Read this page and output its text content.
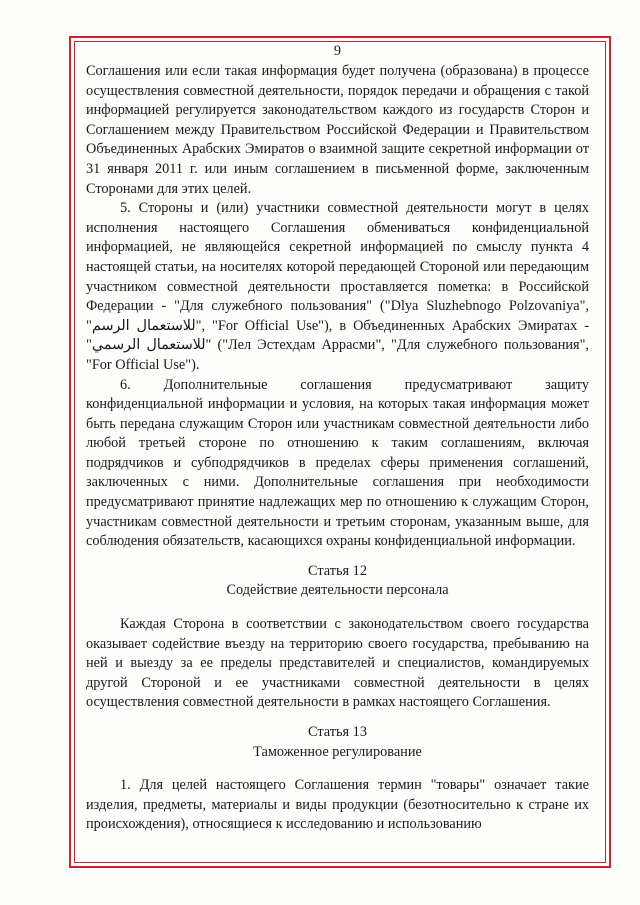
9

Соглашения или если такая информация будет получена (образована) в процессе осуществления совместной деятельности, порядок передачи и обращения с такой информацией регулируется законодательством каждого из государств Сторон и Соглашением между Правительством Российской Федерации и Правительством Объединенных Арабских Эмиратов о взаимной защите секретной информации от 31 января 2011 г. или иным соглашением в письменной форме, заключенным Сторонами для этих целей.

5. Стороны и (или) участники совместной деятельности могут в целях исполнения настоящего Соглашения обмениваться конфиденциальной информацией, не являющейся секретной информацией по смыслу пункта 4 настоящей статьи, на носителях которой передающей Стороной или передающим участником совместной деятельности проставляется пометка: в Российской Федерации - "Для служебного пользования" ("Dlya Sluzhebnogo Polzovaniya", "للاستعمال الرسم", "For Official Use"), в Объединенных Арабских Эмиратах - "للاستعمال الرسمي" ("Лел Эстехдам Аррасми", "Для служебного пользования", "For Official Use").

6. Дополнительные соглашения предусматривают защиту конфиденциальной информации и условия, на которых такая информация может быть передана служащим Сторон или участникам совместной деятельности либо любой третьей стороне по отношению к таким соглашениям, включая подрядчиков и субподрядчиков в пределах сферы применения соглашений, заключенных с ними. Дополнительные соглашения при необходимости предусматривают принятие надлежащих мер по отношению к служащим Сторон, участникам совместной деятельности и третьим сторонам, указанным выше, для соблюдения обязательств, касающихся охраны конфиденциальной информации.

Статья 12

Содействие деятельности персонала

Каждая Сторона в соответствии с законодательством своего государства оказывает содействие въезду на территорию своего государства, пребыванию на ней и выезду за ее пределы представителей и специалистов, командируемых другой Стороной и ее участниками совместной деятельности в целях осуществления совместной деятельности в рамках настоящего Соглашения.

Статья 13

Таможенное регулирование

1. Для целей настоящего Соглашения термин "товары" означает такие изделия, предметы, материалы и виды продукции (безотносительно к стране их происхождения), относящиеся к исследованию и использованию
